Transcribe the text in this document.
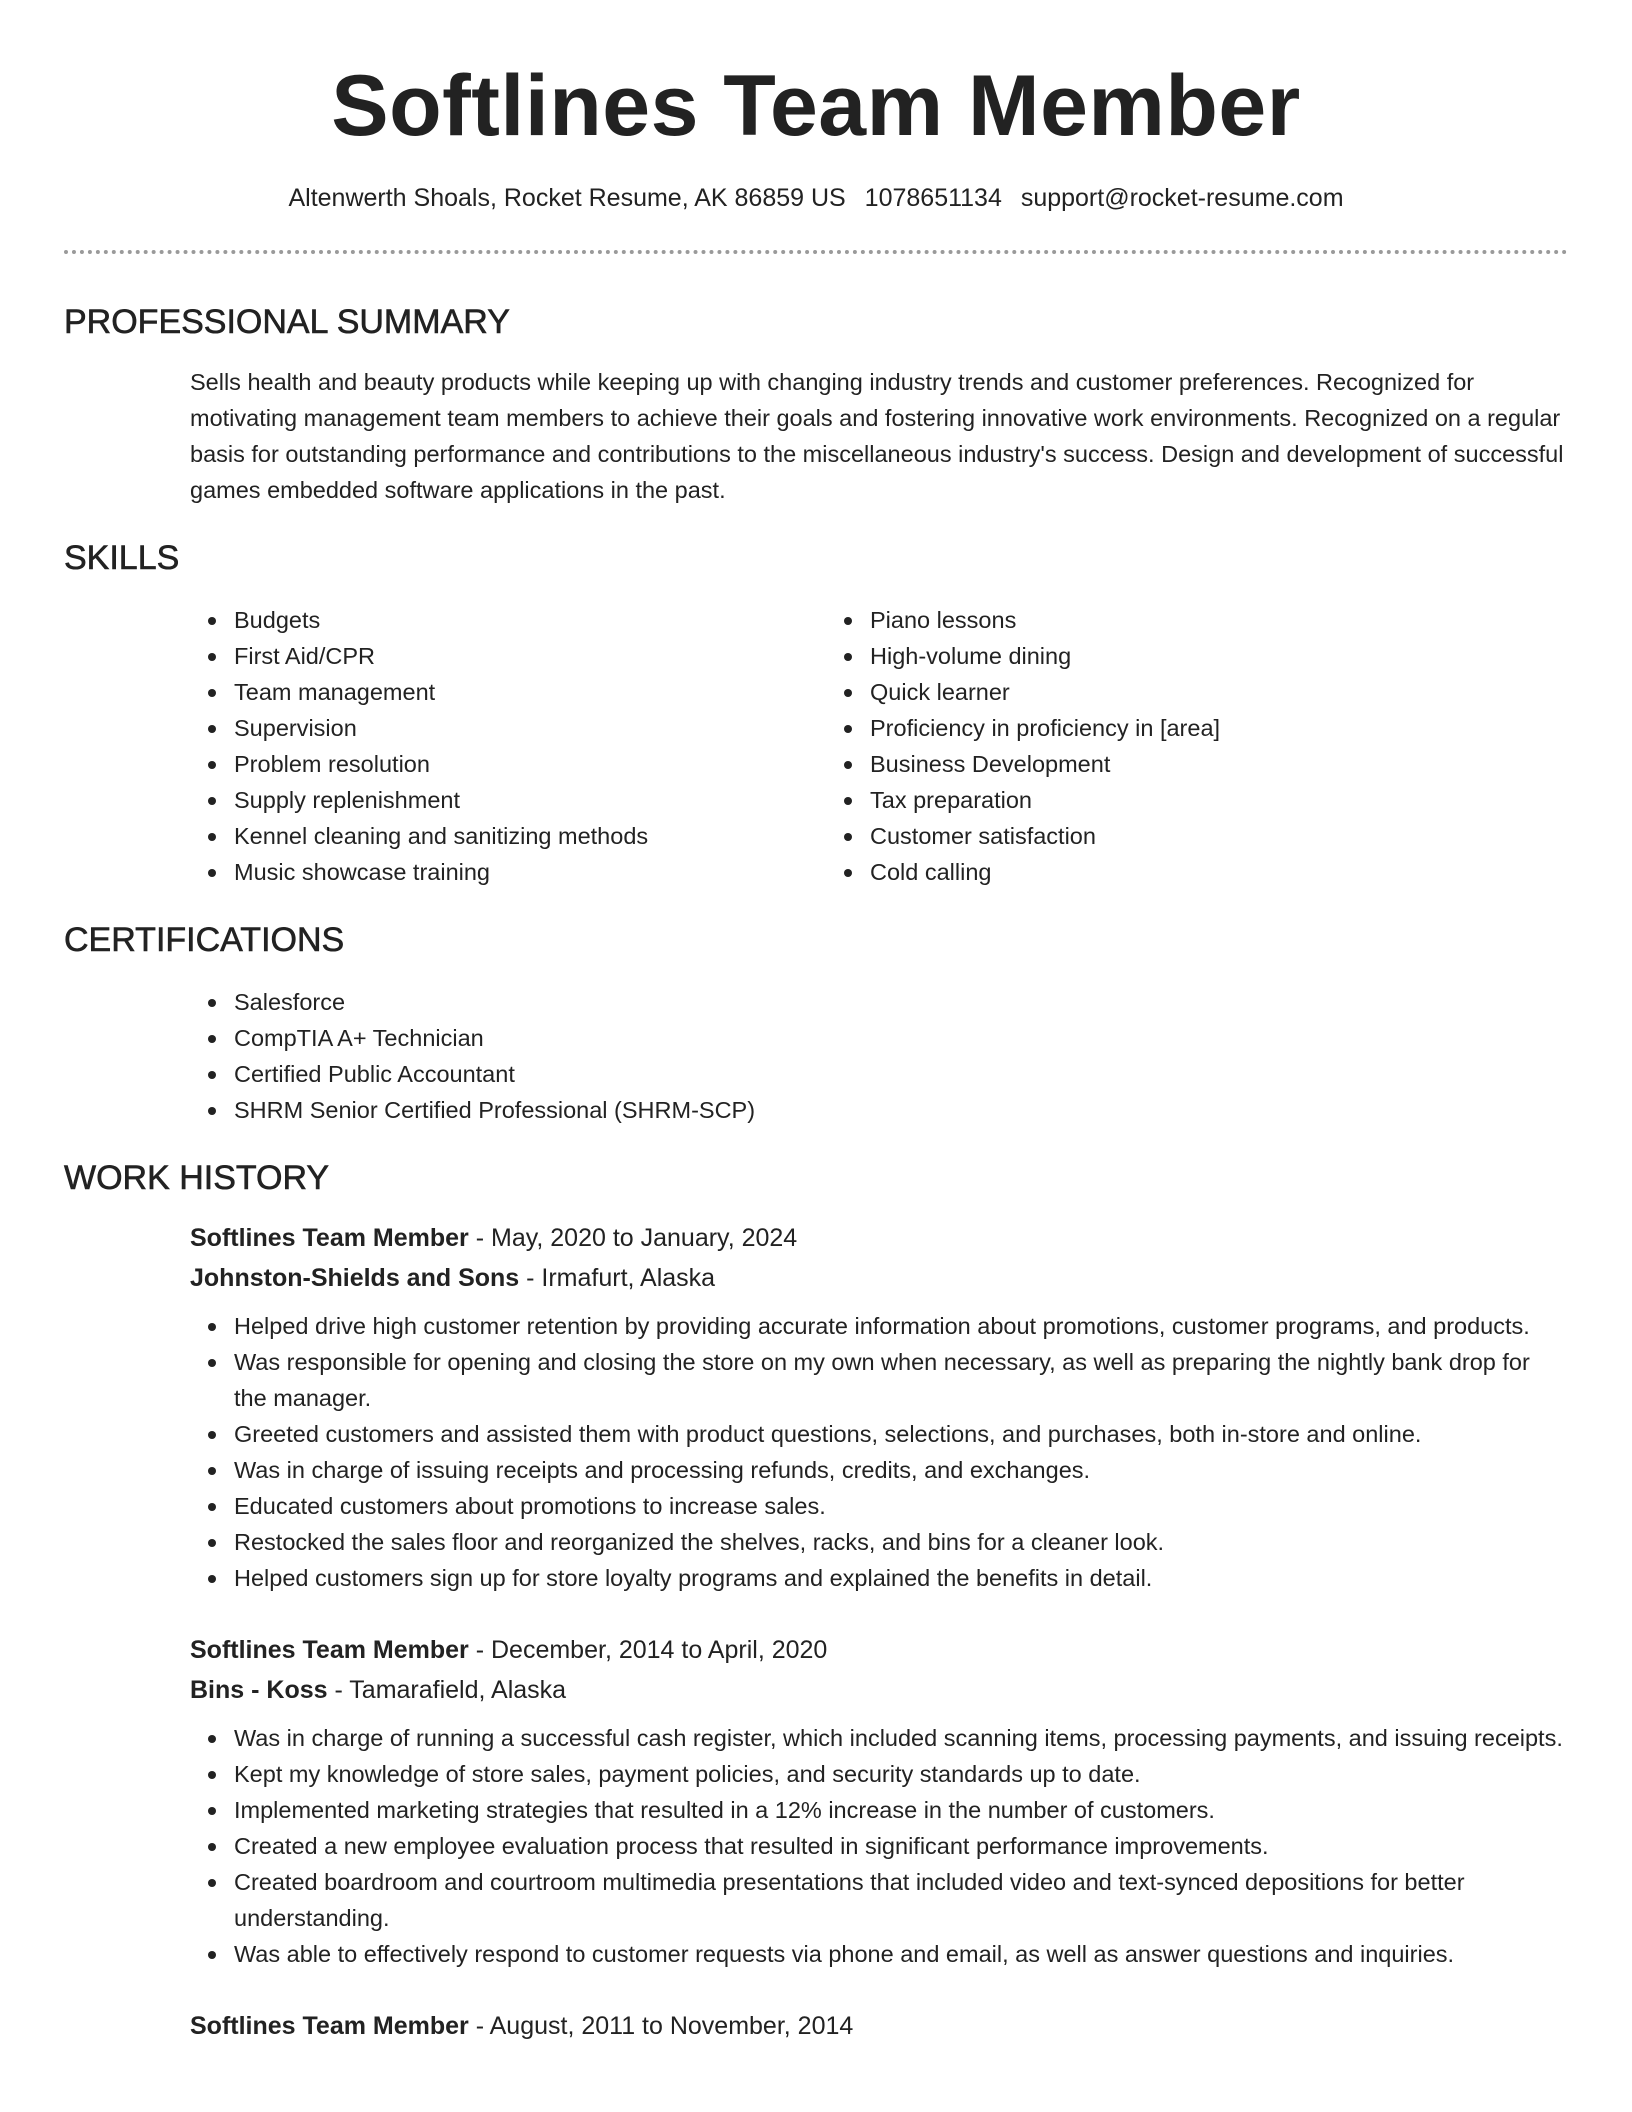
Softlines Team Member
Altenwerth Shoals, Rocket Resume, AK 86859 US 1078651134 support@rocket-resume.com
PROFESSIONAL SUMMARY

Sells health and beauty products while keeping up with changing industry trends and customer preferences. Recognized for motivating management team members to achieve their goals and fostering innovative work environments. Recognized on a regular basis for outstanding performance and contributions to the miscellaneous industry's success. Design and development of successful games embedded software applications in the past.

SKILLS
Budgets
First Aid/CPR
Team management
Supervision
Problem resolution
Supply replenishment
Kennel cleaning and sanitizing methods
Music showcase training
Piano lessons
High-volume dining
Quick learner
Proficiency in proficiency in [area]
Business Development
Tax preparation
Customer satisfaction
Cold calling
CERTIFICATIONS
Salesforce
CompTIA A+ Technician
Certified Public Accountant
SHRM Senior Certified Professional (SHRM-SCP)
WORK HISTORY
Softlines Team Member - May, 2020 to January, 2024
Johnston-Shields and Sons - Irmafurt, Alaska
Helped drive high customer retention by providing accurate information about promotions, customer programs, and products.
Was responsible for opening and closing the store on my own when necessary, as well as preparing the nightly bank drop for the manager.
Greeted customers and assisted them with product questions, selections, and purchases, both in-store and online.
Was in charge of issuing receipts and processing refunds, credits, and exchanges.
Educated customers about promotions to increase sales.
Restocked the sales floor and reorganized the shelves, racks, and bins for a cleaner look.
Helped customers sign up for store loyalty programs and explained the benefits in detail.
Softlines Team Member - December, 2014 to April, 2020
Bins - Koss - Tamarafield, Alaska
Was in charge of running a successful cash register, which included scanning items, processing payments, and issuing receipts.
Kept my knowledge of store sales, payment policies, and security standards up to date.
Implemented marketing strategies that resulted in a 12% increase in the number of customers.
Created a new employee evaluation process that resulted in significant performance improvements.
Created boardroom and courtroom multimedia presentations that included video and text-synced depositions for better understanding.
Was able to effectively respond to customer requests via phone and email, as well as answer questions and inquiries.
Softlines Team Member - August, 2011 to November, 2014
